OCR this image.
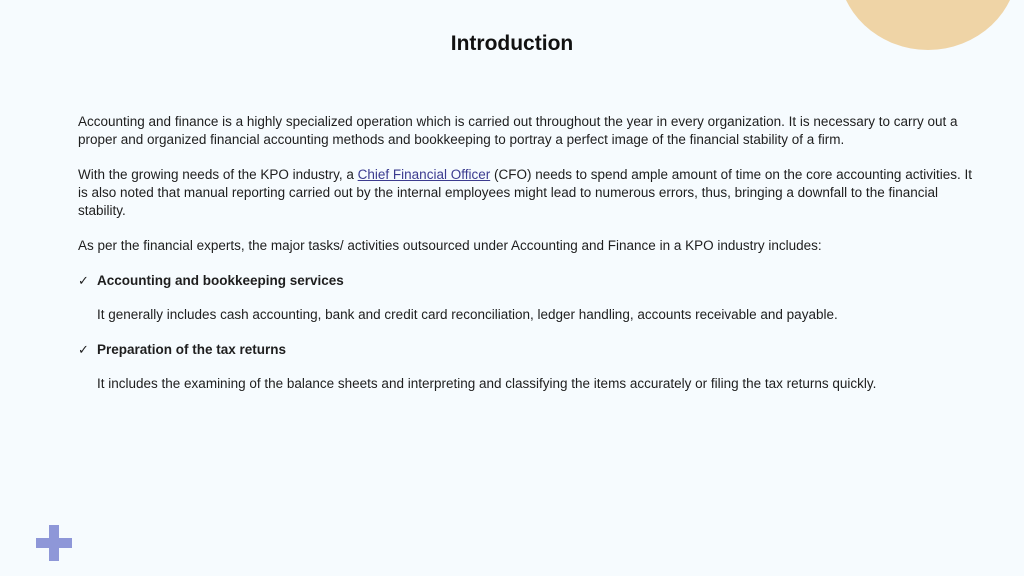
Introduction

Accounting and finance is a highly specialized operation which is carried out throughout the year in every organization. It is necessary to carry out a proper and organized financial accounting methods and bookkeeping to portray a perfect image of the financial stability of a firm.

With the growing needs of the KPO industry, a Chief Financial Officer (CFO) needs to spend ample amount of time on the core accounting activities. It is also noted that manual reporting carried out by the internal employees might lead to numerous errors, thus, bringing a downfall to the financial stability.

As per the financial experts, the major tasks/ activities outsourced under Accounting and Finance in a KPO industry includes:

✓ Accounting and bookkeeping services

It generally includes cash accounting, bank and credit card reconciliation, ledger handling, accounts receivable and payable.

✓ Preparation of the tax returns

It includes the examining of the balance sheets and interpreting and classifying the items accurately or filing the tax returns quickly.
